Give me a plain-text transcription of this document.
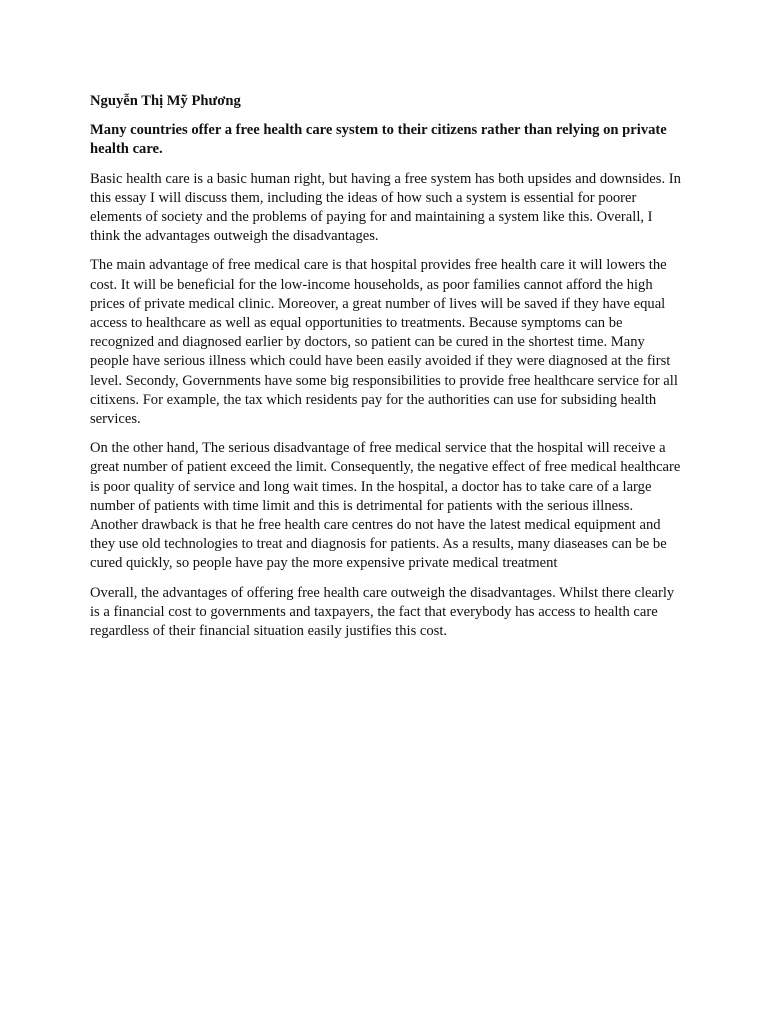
Nguyễn Thị Mỹ Phương

Many countries offer a free health care system to their citizens rather than relying on private health care.

Basic health care is a basic human right, but having a free system has both upsides and downsides. In this essay I will discuss them, including the ideas of how such a system is essential for poorer elements of society and the problems of paying for and maintaining a system like this. Overall, I think the advantages outweigh the disadvantages.

The main advantage of free medical care is that hospital provides free health care it will lowers the cost. It will be beneficial for the low-income households, as poor families cannot afford the high prices of private medical clinic. Moreover, a great number of lives will be saved if they have equal access to healthcare as well as equal opportunities to treatments. Because symptoms can be recognized and diagnosed earlier by doctors, so patient can be cured in the shortest time. Many people have serious illness which could have been easily avoided if they were diagnosed at the first level. Secondy, Governments have some big responsibilities to provide free healthcare service for all citixens. For example, the tax which residents pay for the authorities can use for subsiding health services.

On the other hand, The serious disadvantage of free medical service that the hospital will receive a great number of patient exceed the limit. Consequently, the negative effect of free medical healthcare is poor quality of service and long wait times. In the hospital, a doctor has to take care of a large number of patients with time limit and this is detrimental for patients with the serious illness. Another drawback is that he free health care centres do not have the latest medical equipment and they use old technologies to treat and diagnosis for patients. As a results, many diaseases can be be cured quickly, so people have pay the more expensive private medical treatment

Overall, the advantages of offering free health care outweigh the disadvantages. Whilst there clearly is a financial cost to governments and taxpayers, the fact that everybody has access to health care regardless of their financial situation easily justifies this cost.
